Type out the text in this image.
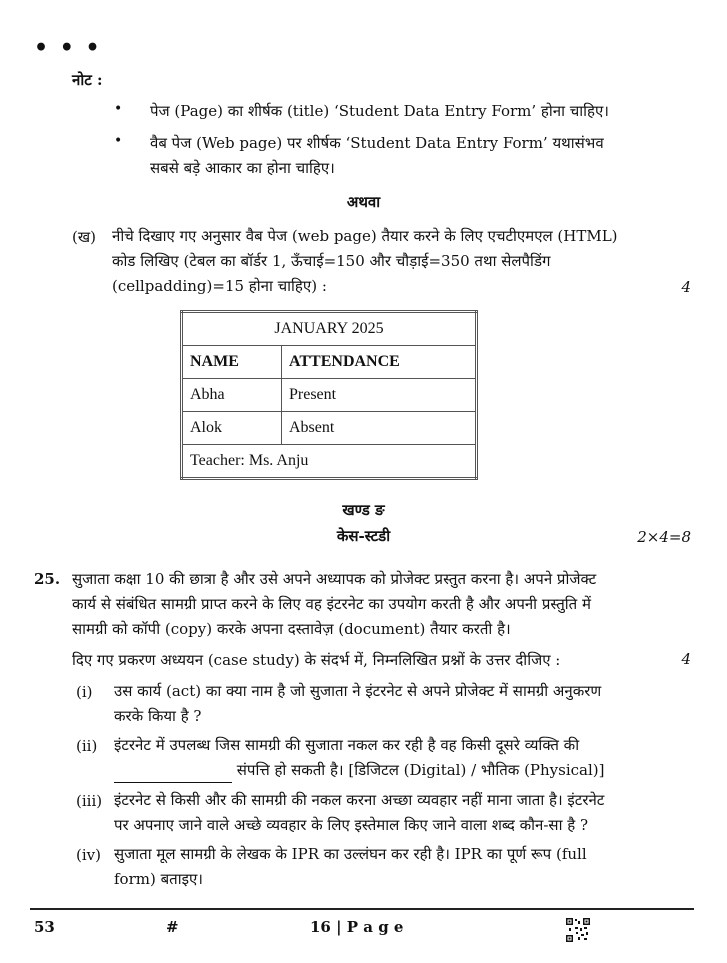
• • •
नोट :
• पेज (Page) का शीर्षक (title) ‘Student Data Entry Form’ होना चाहिए।
• वैब पेज (Web page) पर शीर्षक ‘Student Data Entry Form’ यथासंभव
सबसे बड़े आकार का होना चाहिए।
अथवा
(ख) नीचे दिखाए गए अनुसार वैब पेज (web page) तैयार करने के लिए एचटीएमएल (HTML)
कोड लिखिए (टेबल का बॉर्डर 1, ऊँचाई=150 और चौड़ाई=350 तथा सेलपैडिंग
(cellpadding)=15 होना चाहिए) :	4
JANUARY 2025	
NAME	ATTENDANCE
Abha	Present
Alok	Absent
Teacher: Ms. Anju	
खण्ड ङ
केस-स्टडी	2×4=8
25. सुजाता कक्षा 10 की छात्रा है और उसे अपने अध्यापक को प्रोजेक्ट प्रस्तुत करना है। अपने प्रोजेक्ट
कार्य से संबंधित सामग्री प्राप्त करने के लिए वह इंटरनेट का उपयोग करती है और अपनी प्रस्तुति में
सामग्री को कॉपी (copy) करके अपना दस्तावेज़ (document) तैयार करती है।
दिए गए प्रकरण अध्ययन (case study) के संदर्भ में, निम्नलिखित प्रश्नों के उत्तर दीजिए :	4
(i) उस कार्य (act) का क्या नाम है जो सुजाता ने इंटरनेट से अपने प्रोजेक्ट में सामग्री अनुकरण
करके किया है ?
(ii) इंटरनेट में उपलब्ध जिस सामग्री की सुजाता नकल कर रही है वह किसी दूसरे व्यक्ति की
संपत्ति हो सकती है। [डिजिटल (Digital) / भौतिक (Physical)]
(iii) इंटरनेट से किसी और की सामग्री की नकल करना अच्छा व्यवहार नहीं माना जाता है। इंटरनेट
पर अपनाए जाने वाले अच्छे व्यवहार के लिए इस्तेमाल किए जाने वाला शब्द कौन-सा है ?
(iv) सुजाता मूल सामग्री के लेखक के IPR का उल्लंघन कर रही है। IPR का पूर्ण रूप (full
form) बताइए।
53	#	16 | P a g e
